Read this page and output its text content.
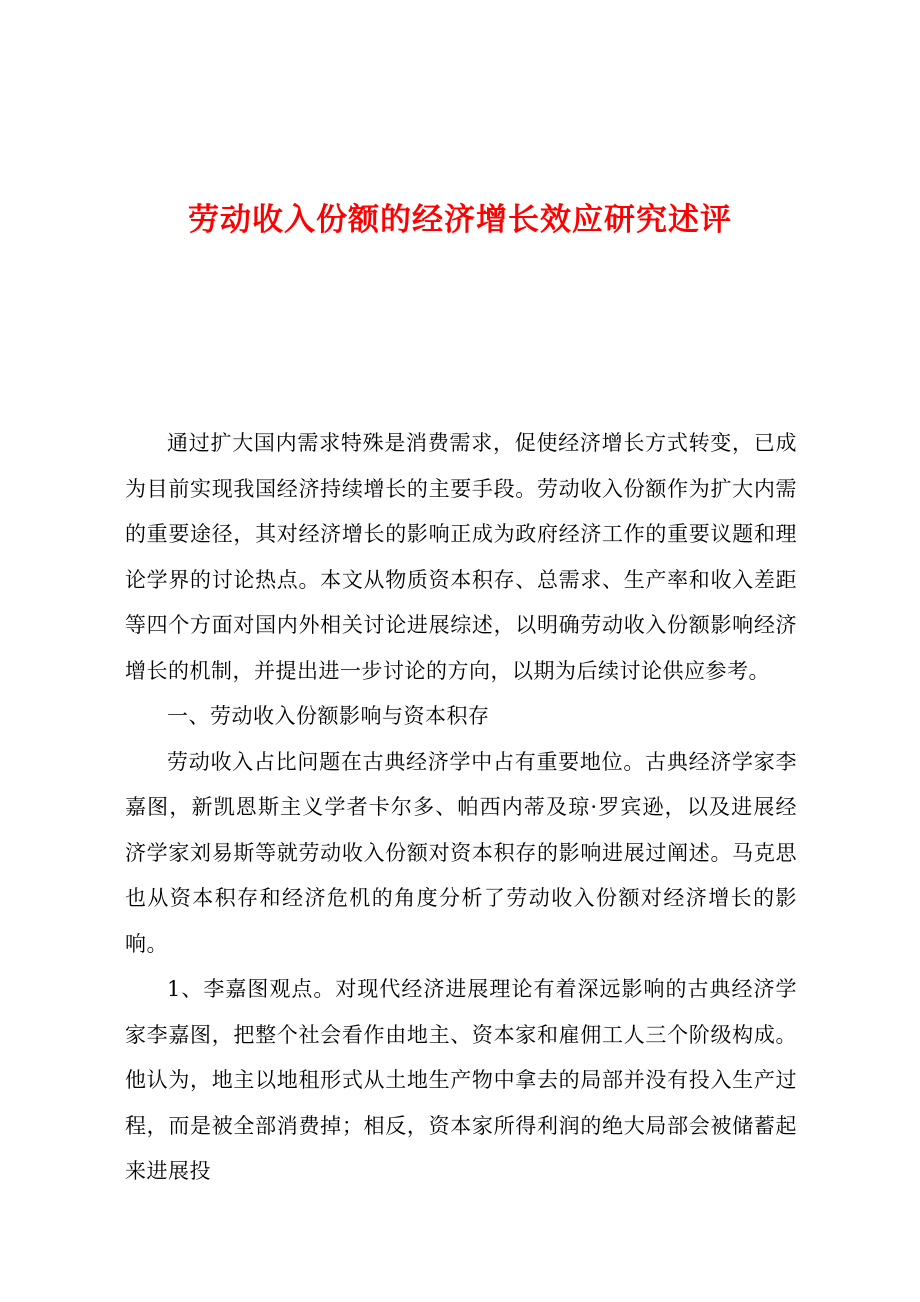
劳动收入份额的经济增长效应研究述评

通过扩大国内需求特殊是消费需求，促使经济增长方式转变，已成为目前实现我国经济持续增长的主要手段。劳动收入份额作为扩大内需的重要途径，其对经济增长的影响正成为政府经济工作的重要议题和理论学界的讨论热点。本文从物质资本积存、总需求、生产率和收入差距等四个方面对国内外相关讨论进展综述，以明确劳动收入份额影响经济增长的机制，并提出进一步讨论的方向，以期为后续讨论供应参考。

一、劳动收入份额影响与资本积存

劳动收入占比问题在古典经济学中占有重要地位。古典经济学家李嘉图，新凯恩斯主义学者卡尔多、帕西内蒂及琼·罗宾逊，以及进展经济学家刘易斯等就劳动收入份额对资本积存的影响进展过阐述。马克思也从资本积存和经济危机的角度分析了劳动收入份额对经济增长的影响。

1、李嘉图观点。对现代经济进展理论有着深远影响的古典经济学家李嘉图，把整个社会看作由地主、资本家和雇佣工人三个阶级构成。他认为，地主以地租形式从土地生产物中拿去的局部并没有投入生产过程，而是被全部消费掉；相反，资本家所得利润的绝大局部会被储蓄起来进展投
